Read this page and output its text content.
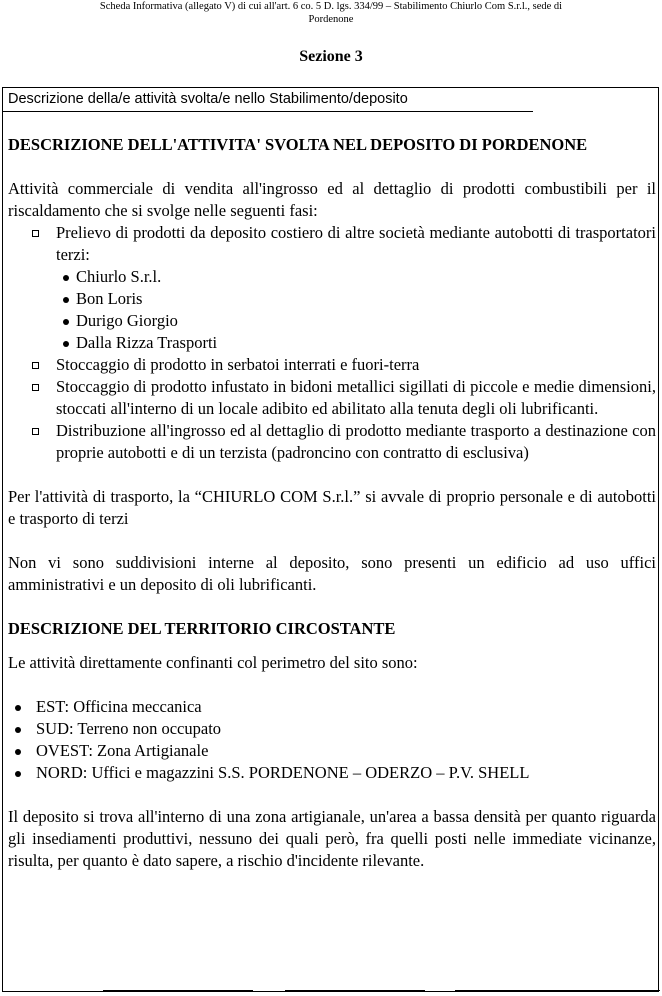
Scheda Informativa (allegato V) di cui all'art. 6 co. 5 D. lgs. 334/99 – Stabilimento Chiurlo Com S.r.l., sede di
Pordenone
Sezione 3
Descrizione della/e attività svolta/e nello Stabilimento/deposito

DESCRIZIONE DELL'ATTIVITA' SVOLTA NEL DEPOSITO DI PORDENONE

Attività commerciale di vendita all'ingrosso ed al dettaglio di prodotti combustibili per il riscaldamento che si svolge nelle seguenti fasi:

Prelievo di prodotti da deposito costiero di altre società mediante autobotti di trasportatori terzi:
Chiurlo S.r.l.
Bon Loris
Durigo Giorgio
Dalla Rizza Trasporti
Stoccaggio di prodotto in serbatoi interrati e fuori-terra
Stoccaggio di prodotto infustato in bidoni metallici sigillati di piccole e medie dimensioni, stoccati all'interno di un locale adibito ed abilitato alla tenuta degli oli lubrificanti.
Distribuzione all'ingrosso ed al dettaglio di prodotto mediante trasporto a destinazione con proprie autobotti e di un terzista (padroncino con contratto di esclusiva)

Per l'attività di trasporto, la “CHIURLO COM S.r.l.” si avvale di proprio personale e di autobotti e trasporto di terzi

Non vi sono suddivisioni interne al deposito, sono presenti un edificio ad uso uffici amministrativi e un deposito di oli lubrificanti.

DESCRIZIONE DEL TERRITORIO CIRCOSTANTE

Le attività direttamente confinanti col perimetro del sito sono:

EST: Officina meccanica
SUD: Terreno non occupato
OVEST: Zona Artigianale
NORD: Uffici e magazzini S.S. PORDENONE – ODERZO – P.V. SHELL

Il deposito si trova all'interno di una zona artigianale, un'area a bassa densità per quanto riguarda gli insediamenti produttivi, nessuno dei quali però, fra quelli posti nelle immediate vicinanze, risulta, per quanto è dato sapere, a rischio d'incidente rilevante.
